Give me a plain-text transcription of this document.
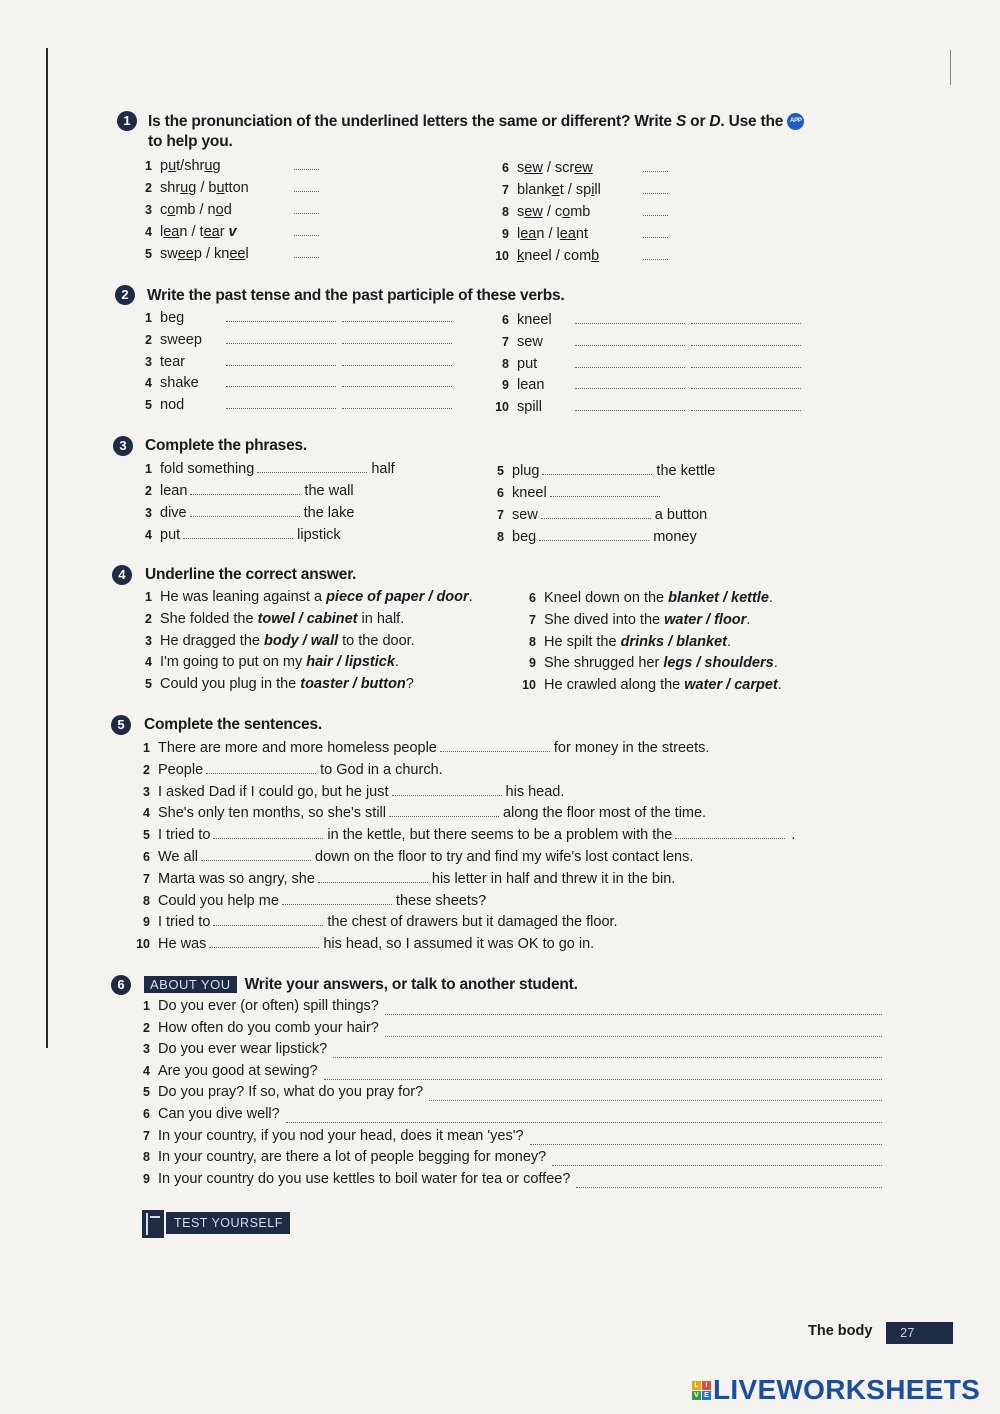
1	Is the pronunciation of the underlined letters the same or different? Write S or D. Use the APP
to help you.
1 put/shrug
2 shrug / button
3 comb / nod
4 lean / tear v
5 sweep / kneel
6 sew / screw
7 blanket / spill
8 sew / comb
9 lean / leant
10 kneel / comb
2	Write the past tense and the past participle of these verbs.
1 beg
2 sweep
3 tear
4 shake
5 nod
6 kneel
7 sew
8 put
9 lean
10 spill
3	Complete the phrases.
1 fold something	half
2 lean	the wall
3 dive	the lake
4 put	lipstick
5 plug	the kettle
6 kneel
7 sew	a button
8 beg	money
4	Underline the correct answer.
1 He was leaning against a piece of paper / door.
2 She folded the towel / cabinet in half.
3 He dragged the body / wall to the door.
4 I'm going to put on my hair / lipstick.
5 Could you plug in the toaster / button?
6 Kneel down on the blanket / kettle.
7 She dived into the water / floor.
8 He spilt the drinks / blanket.
9 She shrugged her legs / shoulders.
10 He crawled along the water / carpet.
5	Complete the sentences.
1 There are more and more homeless people	for money in the streets.
2 People	to God in a church.
3 I asked Dad if I could go, but he just	his head.
4 She's only ten months, so she's still	along the floor most of the time.
5 I tried to	in the kettle, but there seems to be a problem with the	.
6 We all	down on the floor to try and find my wife's lost contact lens.
7 Marta was so angry, she	his letter in half and threw it in the bin.
8 Could you help me	these sheets?
9 I tried to	the chest of drawers but it damaged the floor.
10 He was	his head, so I assumed it was OK to go in.
6	ABOUT YOU Write your answers, or talk to another student.
1 Do you ever (or often) spill things?
2 How often do you comb your hair?
3 Do you ever wear lipstick?
4 Are you good at sewing?
5 Do you pray? If so, what do you pray for?
6 Can you dive well?
7 In your country, if you nod your head, does it mean 'yes'?
8 In your country, are there a lot of people begging for money?
9 In your country do you use kettles to boil water for tea or coffee?
TEST YOURSELF
The body	27
L I
V E LIVEWORKSHEETS
